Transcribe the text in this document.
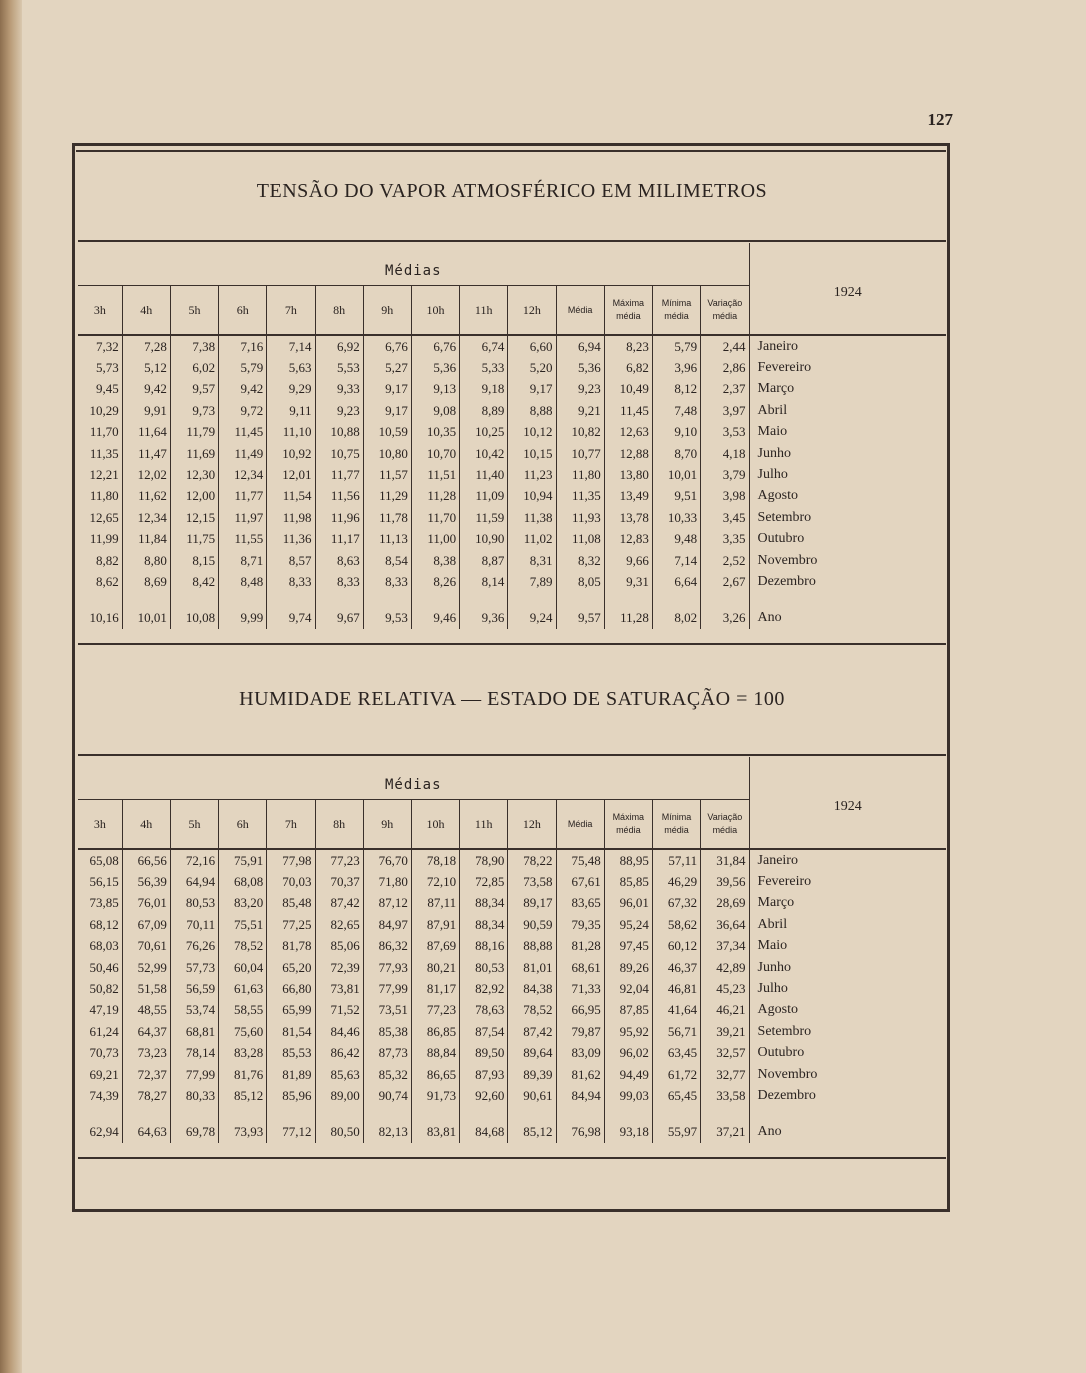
127
TENSÃO DO VAPOR ATMOSFÉRICO EM MILIMETROS
Médias														1924
3h	4h	5h	6h	7h	8h	9h	10h	11h	12h	Média	Máxima média	Mínima média	Variação média	

7,32	7,28	7,38	7,16	7,14	6,92	6,76	6,76	6,74	6,60	6,94	8,23	5,79	2,44	Janeiro
5,73	5,12	6,02	5,79	5,63	5,53	5,27	5,36	5,33	5,20	5,36	6,82	3,96	2,86	Fevereiro
9,45	9,42	9,57	9,42	9,29	9,33	9,17	9,13	9,18	9,17	9,23	10,49	8,12	2,37	Março
10,29	9,91	9,73	9,72	9,11	9,23	9,17	9,08	8,89	8,88	9,21	11,45	7,48	3,97	Abril
11,70	11,64	11,79	11,45	11,10	10,88	10,59	10,35	10,25	10,12	10,82	12,63	9,10	3,53	Maio
11,35	11,47	11,69	11,49	10,92	10,75	10,80	10,70	10,42	10,15	10,77	12,88	8,70	4,18	Junho
12,21	12,02	12,30	12,34	12,01	11,77	11,57	11,51	11,40	11,23	11,80	13,80	10,01	3,79	Julho
11,80	11,62	12,00	11,77	11,54	11,56	11,29	11,28	11,09	10,94	11,35	13,49	9,51	3,98	Agosto
12,65	12,34	12,15	11,97	11,98	11,96	11,78	11,70	11,59	11,38	11,93	13,78	10,33	3,45	Setembro
11,99	11,84	11,75	11,55	11,36	11,17	11,13	11,00	10,90	11,02	11,08	12,83	9,48	3,35	Outubro
8,82	8,80	8,15	8,71	8,57	8,63	8,54	8,38	8,87	8,31	8,32	9,66	7,14	2,52	Novembro
8,62	8,69	8,42	8,48	8,33	8,33	8,33	8,26	8,14	7,89	8,05	9,31	6,64	2,67	Dezembro

10,16	10,01	10,08	9,99	9,74	9,67	9,53	9,46	9,36	9,24	9,57	11,28	8,02	3,26	Ano
HUMIDADE RELATIVA — ESTADO DE SATURAÇÃO = 100
Médias														1924
3h	4h	5h	6h	7h	8h	9h	10h	11h	12h	Média	Máxima média	Mínima média	Variação média	

65,08	66,56	72,16	75,91	77,98	77,23	76,70	78,18	78,90	78,22	75,48	88,95	57,11	31,84	Janeiro
56,15	56,39	64,94	68,08	70,03	70,37	71,80	72,10	72,85	73,58	67,61	85,85	46,29	39,56	Fevereiro
73,85	76,01	80,53	83,20	85,48	87,42	87,12	87,11	88,34	89,17	83,65	96,01	67,32	28,69	Março
68,12	67,09	70,11	75,51	77,25	82,65	84,97	87,91	88,34	90,59	79,35	95,24	58,62	36,64	Abril
68,03	70,61	76,26	78,52	81,78	85,06	86,32	87,69	88,16	88,88	81,28	97,45	60,12	37,34	Maio
50,46	52,99	57,73	60,04	65,20	72,39	77,93	80,21	80,53	81,01	68,61	89,26	46,37	42,89	Junho
50,82	51,58	56,59	61,63	66,80	73,81	77,99	81,17	82,92	84,38	71,33	92,04	46,81	45,23	Julho
47,19	48,55	53,74	58,55	65,99	71,52	73,51	77,23	78,63	78,52	66,95	87,85	41,64	46,21	Agosto
61,24	64,37	68,81	75,60	81,54	84,46	85,38	86,85	87,54	87,42	79,87	95,92	56,71	39,21	Setembro
70,73	73,23	78,14	83,28	85,53	86,42	87,73	88,84	89,50	89,64	83,09	96,02	63,45	32,57	Outubro
69,21	72,37	77,99	81,76	81,89	85,63	85,32	86,65	87,93	89,39	81,62	94,49	61,72	32,77	Novembro
74,39	78,27	80,33	85,12	85,96	89,00	90,74	91,73	92,60	90,61	84,94	99,03	65,45	33,58	Dezembro

62,94	64,63	69,78	73,93	77,12	80,50	82,13	83,81	84,68	85,12	76,98	93,18	55,97	37,21	Ano
